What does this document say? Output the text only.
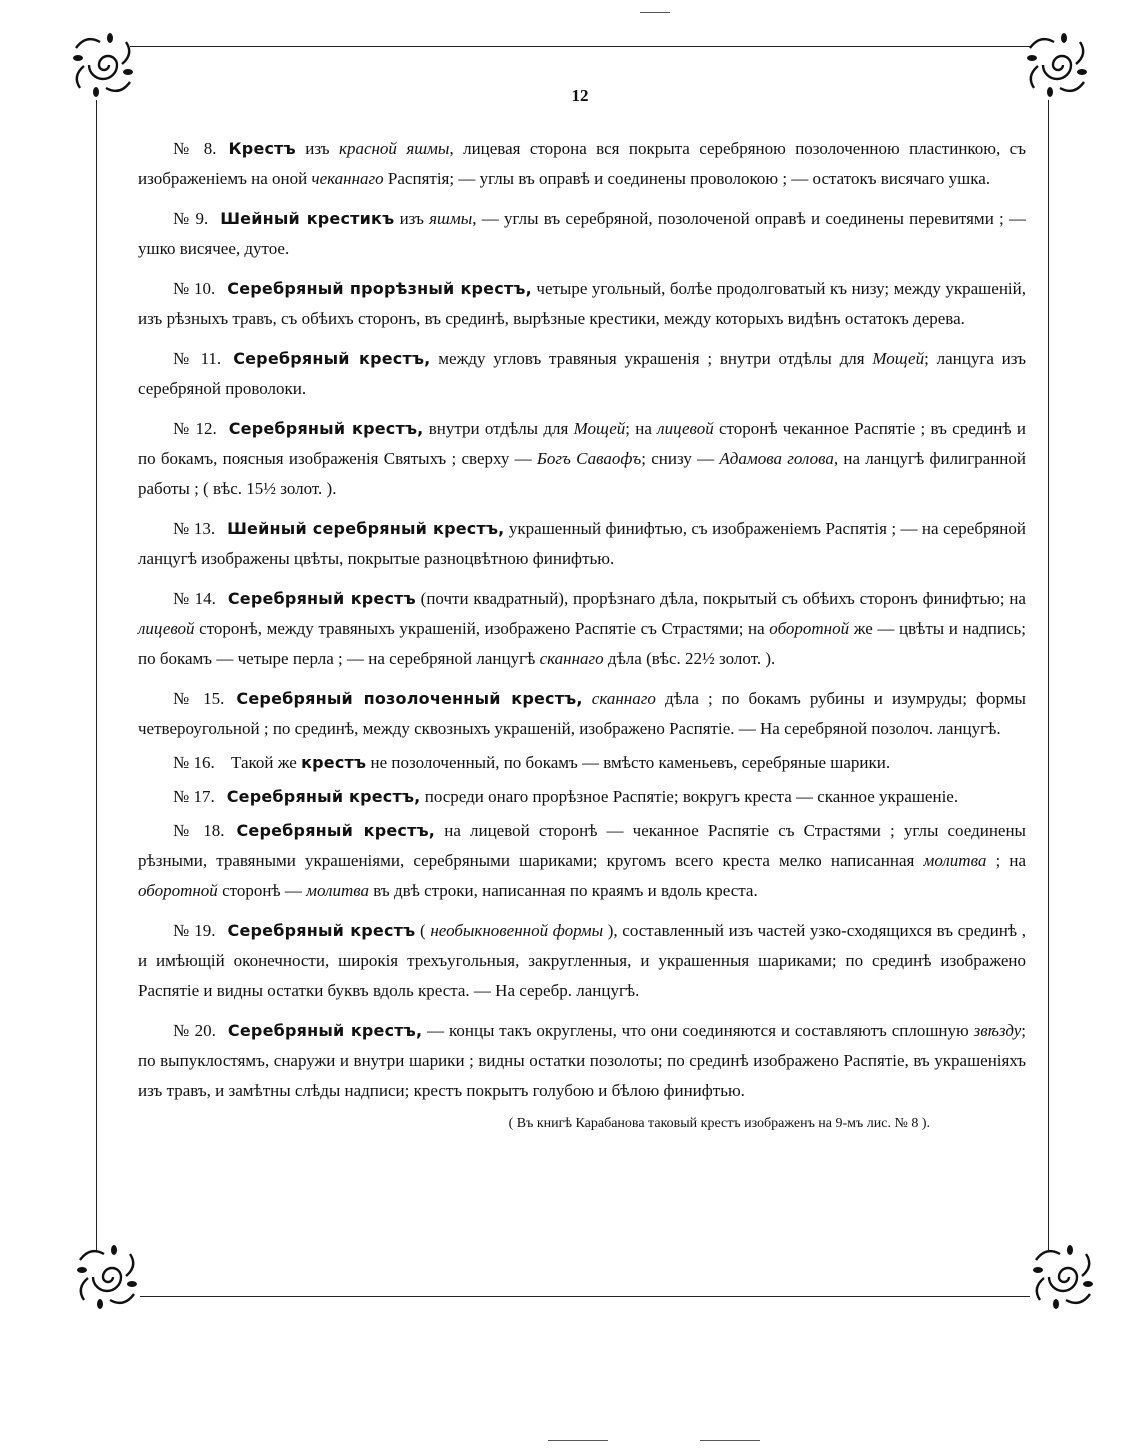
12

№ 8. Крестъ изъ красной яшмы, лицевая сторона вся покрыта серебряною позолоченною пластинкою, съ изображеніемъ на оной чеканнаго Распятія; — углы въ оправѣ и соединены проволокою ; — остатокъ висячаго ушка.

№ 9. Шейный крестикъ изъ яшмы, — углы въ серебряной, позолоченой оправѣ и соединены перевитями ; — ушко висячее, дутое.

№ 10. Серебряный прорѣзный крестъ, четыре угольный, болѣе продолговатый къ низу; между украшеній, изъ рѣзныхъ травъ, съ обѣихъ сторонъ, въ срединѣ, вырѣзные крестики, между которыхъ видѣнъ остатокъ дерева.

№ 11. Серебряный крестъ, между угловъ травяныя украшенія ; внутри отдѣлы для Мощей; ланцуга изъ серебряной проволоки.

№ 12. Серебряный крестъ, внутри отдѣлы для Мощей; на лицевой сторонѣ чеканное Распятіе ; въ срединѣ и по бокамъ, поясныя изображенія Святыхъ ; сверху — Богъ Саваофъ; снизу — Адамова голова, на ланцугѣ филигранной работы ; ( вѣс. 15½ золот. ).

№ 13. Шейный серебряный крестъ, украшенный финифтью, съ изображеніемъ Распятія ; — на серебряной ланцугѣ изображены цвѣты, покрытые разноцвѣтною финифтью.

№ 14. Серебряный крестъ (почти квадратный), прорѣзнаго дѣла, покрытый съ обѣихъ сторонъ финифтью; на лицевой сторонѣ, между травяныхъ украшеній, изображено Распятіе съ Страстями; на оборотной же — цвѣты и надпись; по бокамъ — четыре перла ; — на серебряной ланцугѣ сканнаго дѣла (вѣс. 22½ золот. ).

№ 15. Серебряный позолоченный крестъ, сканнаго дѣла ; по бокамъ рубины и изумруды; формы четвероугольной ; по срединѣ, между сквозныхъ украшеній, изображено Распятіе. — На серебряной позолоч. ланцугѣ.

№ 16. Такой же крестъ не позолоченный, по бокамъ — вмѣсто каменьевъ, серебряные шарики.

№ 17. Серебряный крестъ, посреди онаго прорѣзное Распятіе; вокругъ креста — сканное украшеніе.

№ 18. Серебряный крестъ, на лицевой сторонѣ — чеканное Распятіе съ Страстями ; углы соединены рѣзными, травяными украшеніями, серебряными шариками; кругомъ всего креста мелко написанная молитва ; на оборотной сторонѣ — молитва въ двѣ строки, написанная по краямъ и вдоль креста.

№ 19. Серебряный крестъ ( необыкновенной формы ), составленный изъ частей узко-сходящихся въ срединѣ , и имѣющій оконечности, широкія трехъугольныя, закругленныя, и украшенныя шариками; по срединѣ изображено Распятіе и видны остатки буквъ вдоль креста. — На серебр. ланцугѣ.

№ 20. Серебряный крестъ, — концы такъ округлены, что они соединяются и составляютъ сплошную звѣзду; по выпуклостямъ, снаружи и внутри шарики ; видны остатки позолоты; по срединѣ изображено Распятіе, въ украшеніяхъ изъ травъ, и замѣтны слѣды надписи; крестъ покрытъ голубою и бѣлою финифтью.

( Въ книгѣ Карабанова таковый крестъ изображенъ на 9-мъ лис. № 8 ).
